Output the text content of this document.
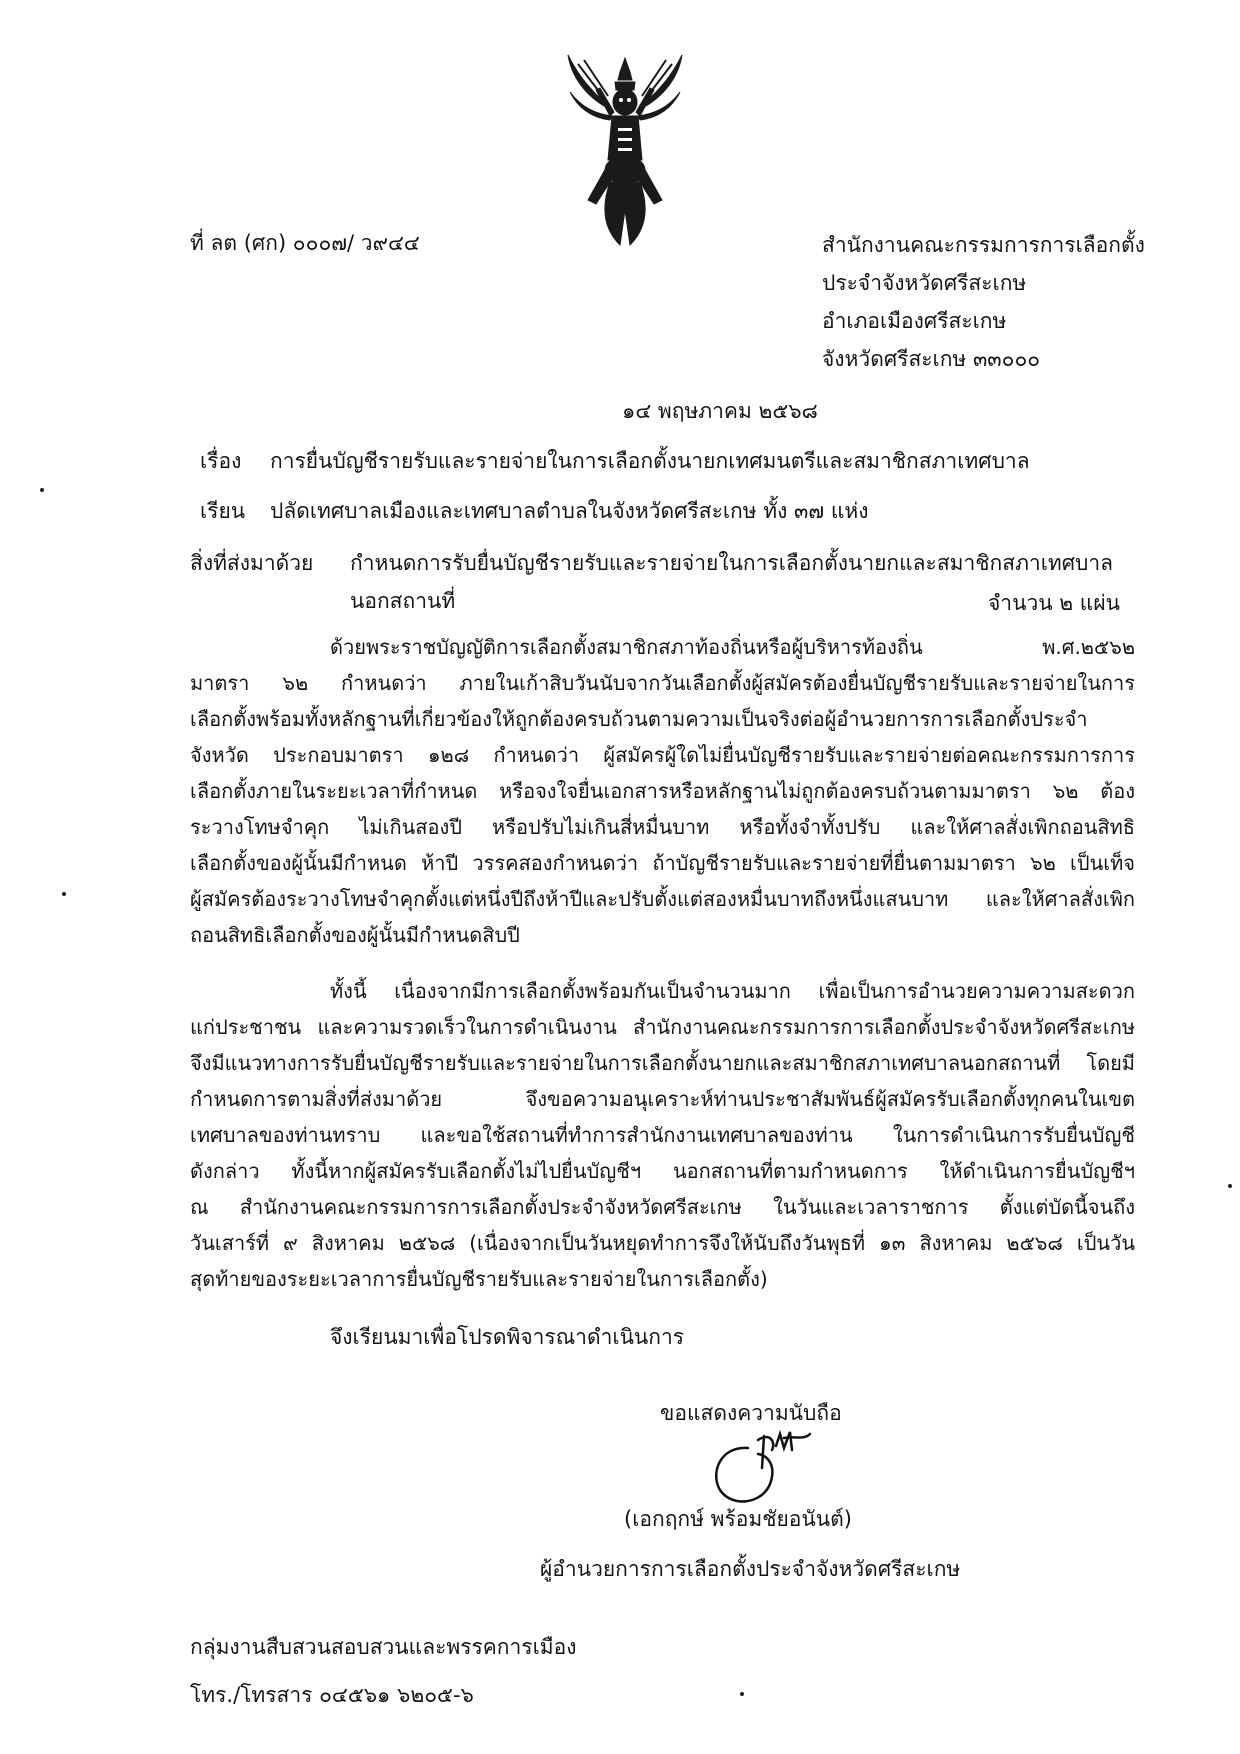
ที่ ลต (ศก) ๐๐๐๗/ ว๙๔๔	สำนักงานคณะกรรมการการเลือกตั้ง
ประจำจังหวัดศรีสะเกษ
อำเภอเมืองศรีสะเกษ
จังหวัดศรีสะเกษ ๓๓๐๐๐
๑๔ พฤษภาคม ๒๕๖๘
เรื่อง การยื่นบัญชีรายรับและรายจ่ายในการเลือกตั้งนายกเทศมนตรีและสมาชิกสภาเทศบาล
เรียน ปลัดเทศบาลเมืองและเทศบาลตำบลในจังหวัดศรีสะเกษ ทั้ง ๓๗ แห่ง
สิ่งที่ส่งมาด้วย กำหนดการรับยื่นบัญชีรายรับและรายจ่ายในการเลือกตั้งนายกและสมาชิกสภาเทศบาล
นอกสถานที่	จำนวน ๒ แผ่น
ด้วยพระราชบัญญัติการเลือกตั้งสมาชิกสภาท้องถิ่นหรือผู้บริหารท้องถิ่น พ.ศ.๒๕๖๒
มาตรา ๖๒ กำหนดว่า ภายในเก้าสิบวันนับจากวันเลือกตั้งผู้สมัครต้องยื่นบัญชีรายรับและรายจ่ายในการ
เลือกตั้งพร้อมทั้งหลักฐานที่เกี่ยวข้องให้ถูกต้องครบถ้วนตามความเป็นจริงต่อผู้อำนวยการการเลือกตั้งประจำ
จังหวัด ประกอบมาตรา ๑๒๘ กำหนดว่า ผู้สมัครผู้ใดไม่ยื่นบัญชีรายรับและรายจ่ายต่อคณะกรรมการการ
เลือกตั้งภายในระยะเวลาที่กำหนด หรือจงใจยื่นเอกสารหรือหลักฐานไม่ถูกต้องครบถ้วนตามมาตรา ๖๒ ต้อง
ระวางโทษจำคุก ไม่เกินสองปี หรือปรับไม่เกินสี่หมื่นบาท หรือทั้งจำทั้งปรับ และให้ศาลสั่งเพิกถอนสิทธิ
เลือกตั้งของผู้นั้นมีกำหนด ห้าปี วรรคสองกำหนดว่า ถ้าบัญชีรายรับและรายจ่ายที่ยื่นตามมาตรา ๖๒ เป็นเท็จ
ผู้สมัครต้องระวางโทษจำคุกตั้งแต่หนึ่งปีถึงห้าปีและปรับตั้งแต่สองหมื่นบาทถึงหนึ่งแสนบาท และให้ศาลสั่งเพิก
ถอนสิทธิเลือกตั้งของผู้นั้นมีกำหนดสิบปี
ทั้งนี้ เนื่องจากมีการเลือกตั้งพร้อมกันเป็นจำนวนมาก เพื่อเป็นการอำนวยความความสะดวก
แก่ประชาชน และความรวดเร็วในการดำเนินงาน สำนักงานคณะกรรมการการเลือกตั้งประจำจังหวัดศรีสะเกษ
จึงมีแนวทางการรับยื่นบัญชีรายรับและรายจ่ายในการเลือกตั้งนายกและสมาชิกสภาเทศบาลนอกสถานที่ โดยมี
กำหนดการตามสิ่งที่ส่งมาด้วย จึงขอความอนุเคราะห์ท่านประชาสัมพันธ์ผู้สมัครรับเลือกตั้งทุกคนในเขต
เทศบาลของท่านทราบ และขอใช้สถานที่ทำการสำนักงานเทศบาลของท่าน ในการดำเนินการรับยื่นบัญชี
ดังกล่าว ทั้งนี้หากผู้สมัครรับเลือกตั้งไม่ไปยื่นบัญชีฯ นอกสถานที่ตามกำหนดการ ให้ดำเนินการยื่นบัญชีฯ
ณ สำนักงานคณะกรรมการการเลือกตั้งประจำจังหวัดศรีสะเกษ ในวันและเวลาราชการ ตั้งแต่บัดนี้จนถึง
วันเสาร์ที่ ๙ สิงหาคม ๒๕๖๘ (เนื่องจากเป็นวันหยุดทำการจึงให้นับถึงวันพุธที่ ๑๓ สิงหาคม ๒๕๖๘ เป็นวัน
สุดท้ายของระยะเวลาการยื่นบัญชีรายรับและรายจ่ายในการเลือกตั้ง)
จึงเรียนมาเพื่อโปรดพิจารณาดำเนินการ
ขอแสดงความนับถือ
(เอกฤกษ์ พร้อมชัยอนันต์)
ผู้อำนวยการการเลือกตั้งประจำจังหวัดศรีสะเกษ
กลุ่มงานสืบสวนสอบสวนและพรรคการเมือง
โทร./โทรสาร ๐๔๕๖๑ ๖๒๐๕-๖
